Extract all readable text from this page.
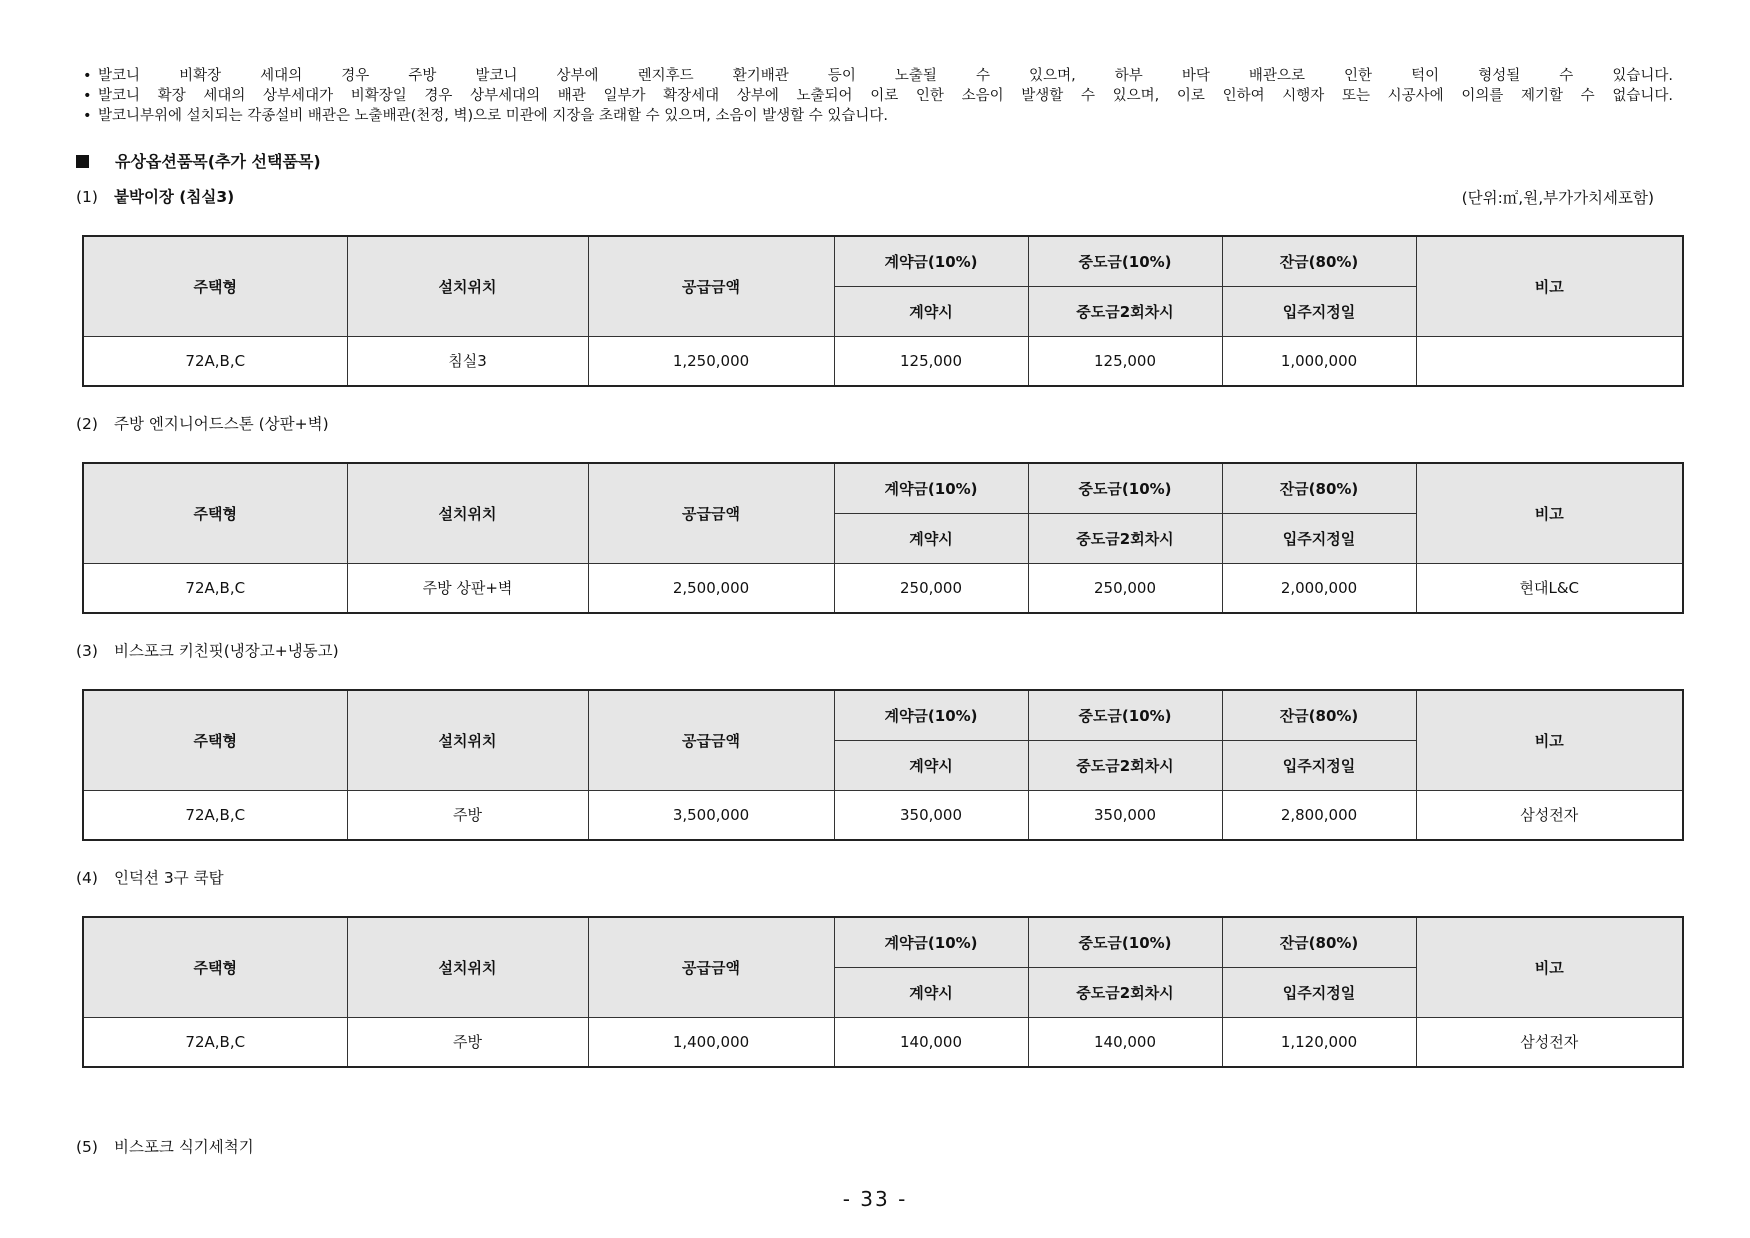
• 발코니 비확장 세대의 경우 주방 발코니 상부에 렌지후드 환기배관 등이 노출될 수 있으며, 하부 바닥 배관으로 인한 턱이 형성될 수 있습니다.
• 발코니 확장 세대의 상부세대가 비확장일 경우 상부세대의 배관 일부가 확장세대 상부에 노출되어 이로 인한 소음이 발생할 수 있으며, 이로 인하여 시행자 또는 시공사에 이의를 제기할 수 없습니다.
• 발코니부위에 설치되는 각종설비 배관은 노출배관(천정, 벽)으로 미관에 지장을 초래할 수 있으며, 소음이 발생할 수 있습니다.
유상옵션품목(추가 선택품목)
(1) 붙박이장 (침실3)	(단위:㎡,원,부가가치세포함)
주택형	설치위치	공급금액	계약금(10%)	중도금(10%)	잔금(80%)	비고
			계약시	중도금2회차시	입주지정일	
72A,B,C	침실3	1,250,000	125,000	125,000	1,000,000	
(2) 주방 엔지니어드스톤 (상판+벽)
주택형	설치위치	공급금액	계약금(10%)	중도금(10%)	잔금(80%)	비고
			계약시	중도금2회차시	입주지정일	
72A,B,C	주방 상판+벽	2,500,000	250,000	250,000	2,000,000	현대L&C
(3) 비스포크 키친핏(냉장고+냉동고)
주택형	설치위치	공급금액	계약금(10%)	중도금(10%)	잔금(80%)	비고
			계약시	중도금2회차시	입주지정일	
72A,B,C	주방	3,500,000	350,000	350,000	2,800,000	삼성전자
(4) 인덕션 3구 쿡탑
주택형	설치위치	공급금액	계약금(10%)	중도금(10%)	잔금(80%)	비고
			계약시	중도금2회차시	입주지정일	
72A,B,C	주방	1,400,000	140,000	140,000	1,120,000	삼성전자
(5) 비스포크 식기세척기
- 33 -
